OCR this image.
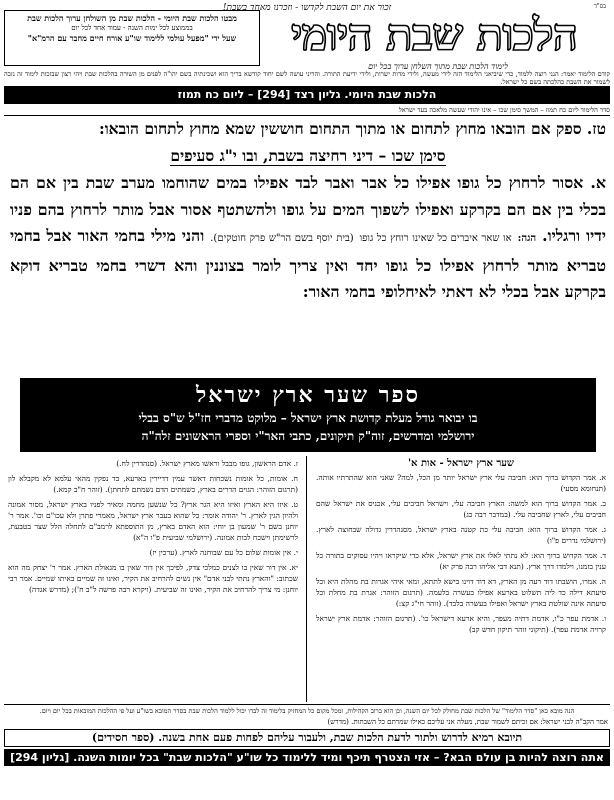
בס"ד
זכור את יום השבת לקדשו - וזכרנו מאחד בשבת!
הלכות שבת היומי
לימוד הלכות שבת מתוך השלחן ערוך בכל יום
מבטו הלכות שבת היומי - הלכות שבת מן השולחן ערוך הלכות שבת
בממוצע לכל ימות השנה - עמוד אחד לכל יום
שעל ידי "מפעל עולמי ללימוד שו"ע אורח חיים מחבר עם הרמ"א"
קודם הלימוד יאמר: הנני רוצה ללמוד, כדי שיביאני הלימוד הזה לידי מעשה, ולידי מדות ישרות, ולידי ידיעת התורה. והריני עושה לשם יחוד קודשא בריך הוא ושכינתיה בשם יהו"ה לפנים מן השורה בהלכות שבת ויהי רצון שבזכות לימוד זה נזכה לשמור את השבת כהלכתה בשם כל ישראל.
הלכות שבת היומי. גליון רצד [294] – ליום כח תמוז
סדר הלימוד ליום כח תמוז – המשך סימן שכו – אינו יהודי שעשה מלאכה בעד ישראל
טז. ספק אם הובאו מחוץ לתחום או מתוך התחום חוששין שמא מחוץ לתחום הובאו:
סימן שכו – דיני רחיצה בשבת, ובו י"ג סעיפים
א. אסור לרחוץ כל גופו אפילו כל אבר ואבר לבד אפילו במים שהוחמו מערב שבת בין אם הם בכלי בין אם הם בקרקע ואפילו לשפוך המים על גופו ולהשתטף אסור אבל מותר לרחוץ בהם פניו ידיו ורגליו. הגה: או שאר איברים כל שאינו רוחץ כל גופו (בית יוסף בשם הר"ש פרק חוטקים). והני מילי בחמי האור אבל בחמי טבריא מותר לרחוץ אפילו כל גופו יחד ואין צריך לומר בצוננין והא דשרי בחמי טבריא דוקא בקרקע אבל בכלי לא דאתי לאיחלופי בחמי האור:
ספר שער ארץ ישראל
בו יבואר גודל מעלת קדושת ארץ ישראל – מלוקט מדברי חז"ל ש"ס בבלי
ירושלמי ומדרשים, זוה"ק תיקונים, כתבי האר"י וספרי הראשונים זלה"ה
שער ארץ ישראל - אות א'

א. אמר הקדוש ברוך הוא: חביבה עלי ארץ ישראל יותר מן הכל, למה? שאני הוא שהתרתיו אותה. (תנחומא מסעי)

ב. אמר הקדוש ברוך הוא למשה: הארץ חביבה עלי, וישראל חביבים עלי, אכניס את ישראל שהם חביבים עלי, לארץ שחביבה עלי. (במדבר רבה כג)

ג. אמר הקדוש ברוך הוא: חביבה עלי כת קטנה בארץ ישראל, מסנהדרין גדולה שבחוצה לארץ. (ירושלמי נדרים פ"ו)

ד. אמר הקדוש ברוך הוא: לא נתתי לאלו את ארץ ישראל, אלא כדי שיקראו ויהיו עסוקים בתורה כל ענין בזמנו, וילמדו דרך ארץ. (תנא דבי אליהו רבה פרק יא)

ה. אמרו, הושבתו דוד רעה מן הארץ, דא דוד דוינו בישא לתתא, ומאי איהי אגרות בת מהלת היא וכל סיעתא דילה כד ליה תשלוט בארעא אפילו בעשרה בלעמה. (תרגום הזוהר: אגרת בת מחלת וכל סיעתה אינה שולטת בארץ ישראל ואפילו בעשרה בלבד). (זוהר חי"ג קצ:)

ו. אדמת עפר כ"ו, אדמת דתיה מעפר, והיא ארעא דישראל כו'. (תרגום הזוהר: אדמת ארץ ישראל קרויה אדמת עפר). (תיקוני זוהר תיקון חדש קב)

ז. אדם הראשון, גופו מבבל וראשו מארץ ישראל. (סנהדרין לח.)

ח. אומות, כל אומות נשכחות דאשר עמין דדיירין בארעא, כד נפקין מהאי עלמא לא מקבלא לון (תרגום הזוהר: הגוים הדרים בארץ, כשמתים הדם נשמתם לתחתן). (זוהר ח"ב קמא.)

ט. איזו היא הארץ ואיזו היא הגר ארץ? כל שנשען מחמה ומאיר לפניו בארץ ישראל, מסור אמונה ולהיון הגין לארץ. ר' יהודה אומר: כל שהוא בעבר ארץ ישראל, מאמרי פתרן ולא עכו"ם וכו'. אמר ר' יוחנן בשם ר' שמעון בן יוחי: הוא האדם בארץ, מן התוספתא לרמב"ם לתחלה הלל שצר בטבעת, לרשימתן וישכח לבות אמונה. (ירושלמי שביעית פ"ו ה"א)

י. אין אומות שלום כל עם שבוחנה לארץ. (ערכין יז)

יא. אין דור שאין בו לצנים כמלכי צדק, לפיכך אין דור שאין בו מגאולת הארץ. אמר ר' יצחק מה הוא שכתוב: "והארץ נתתי לבני אדם" אין נשים להרחיב את הקיר, ואינו זה שמיים באיתו שמיים. אמר רבי יוחנן: מי צריך להרחיב את הקיר, ואינו זה שביעית. (ויקרא רבה פרשה ל"ב ח'); (מדרש אגדה)

הנה מובא כאן "סדר הלימוד" של הלכות שבת מחולק לכל יום השנה, וכן הוא ברוב הקהילות, ומכל מקום כל המחזיק בלימוד זה לבדו יכול ללמוד הלכות שבת בסדר המובא בשו"ע ועל פי ההלכות המובאות בכל יום ויום.
אמר הקב"ה לבני ישראל: אם זכיתם לשמור שבת, מעלה אני עליכם כאילו שמרתם כל השבתות. (מדרש)
תיובא רמיא לדרוש ולתור לדעת הלכות שבת, ולעבור עליהם לפחות פעם אחת בשנה. (ספר חסידים)
אתה רוצה להיות בן עולם הבא? – אזי הצטרף תיכף ומיד ללימוד כל שו"ע "הלכות שבת" בכל יומות השנה. [גליון 294]
